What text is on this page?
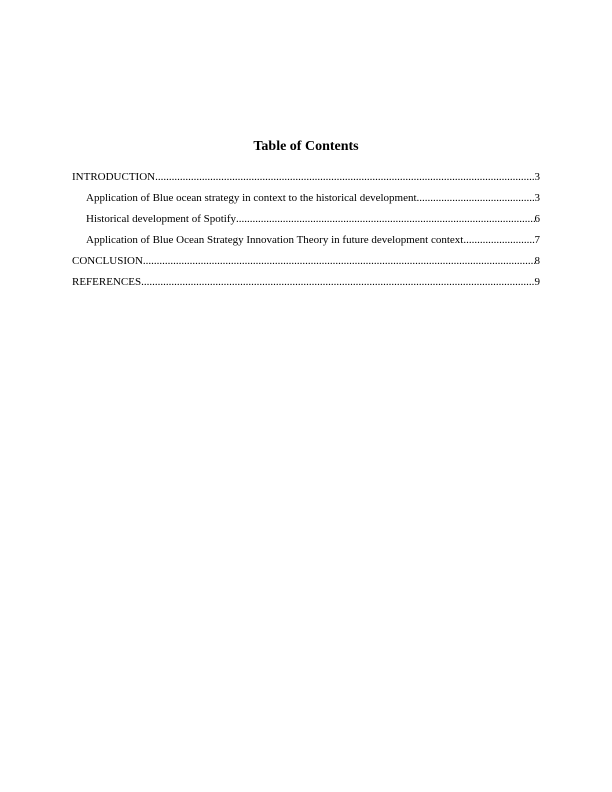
Table of Contents
INTRODUCTION .....	3
Application of Blue ocean strategy in context to the historical development .....	3
Historical development of Spotify .....	6
Application of Blue Ocean Strategy Innovation Theory in future development context. .....	7
CONCLUSION .....	8
REFERENCES .....	9
